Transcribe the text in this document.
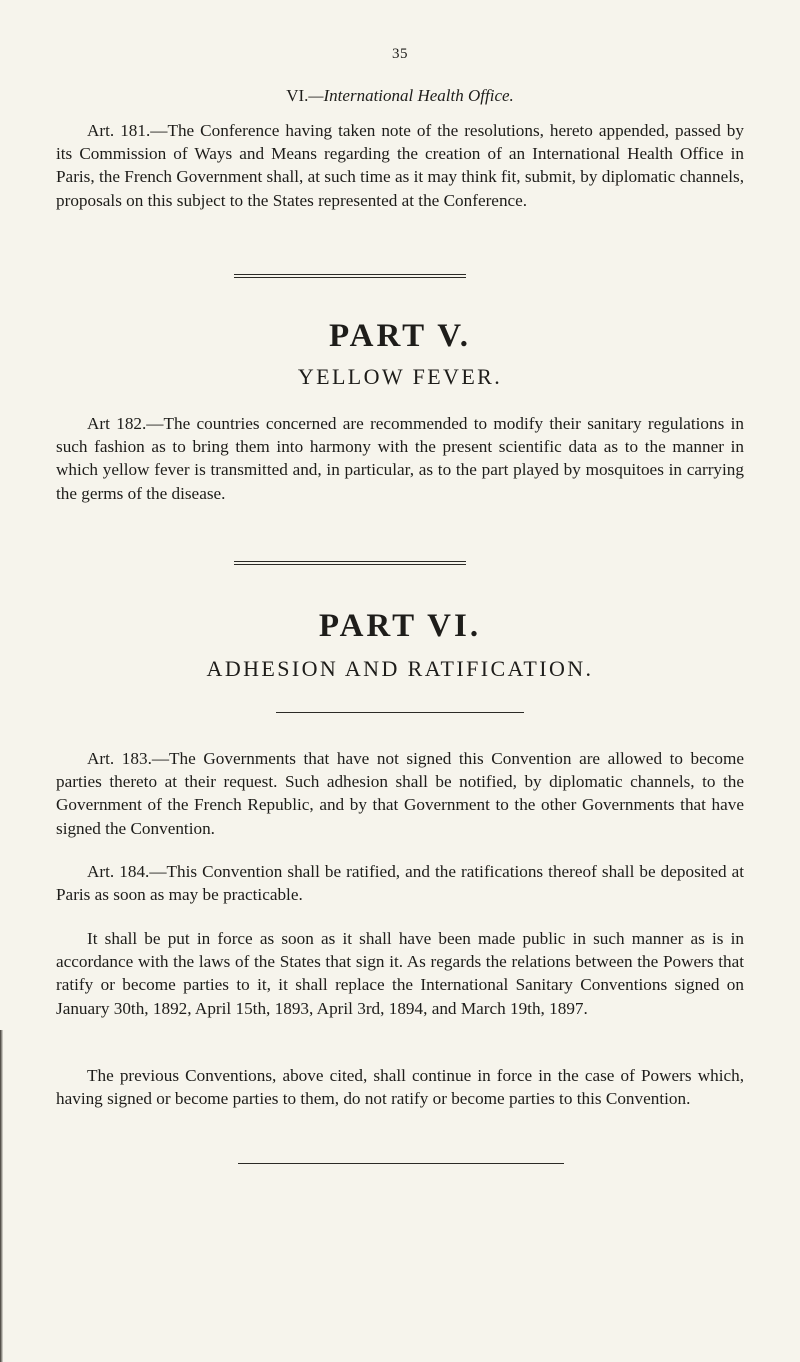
35
VI.—International Health Office.

Art. 181.—The Conference having taken note of the resolutions, hereto appended, passed by its Commission of Ways and Means regarding the creation of an International Health Office in Paris, the French Government shall, at such time as it may think fit, submit, by diplomatic channels, proposals on this subject to the States represented at the Conference.

PART V.
YELLOW FEVER.

Art 182.—The countries concerned are recommended to modify their sanitary regulations in such fashion as to bring them into harmony with the present scientific data as to the manner in which yellow fever is transmitted and, in particular, as to the part played by mosquitoes in carrying the germs of the disease.

PART VI.
ADHESION AND RATIFICATION.

Art. 183.—The Governments that have not signed this Convention are allowed to become parties thereto at their request. Such adhesion shall be notified, by diplomatic channels, to the Government of the French Republic, and by that Government to the other Governments that have signed the Convention.

Art. 184.—This Convention shall be ratified, and the ratifications thereof shall be deposited at Paris as soon as may be practicable.

It shall be put in force as soon as it shall have been made public in such manner as is in accordance with the laws of the States that sign it. As regards the relations between the Powers that ratify or become parties to it, it shall replace the International Sanitary Conventions signed on January 30th, 1892, April 15th, 1893, April 3rd, 1894, and March 19th, 1897.

The previous Conventions, above cited, shall continue in force in the case of Powers which, having signed or become parties to them, do not ratify or become parties to this Convention.
